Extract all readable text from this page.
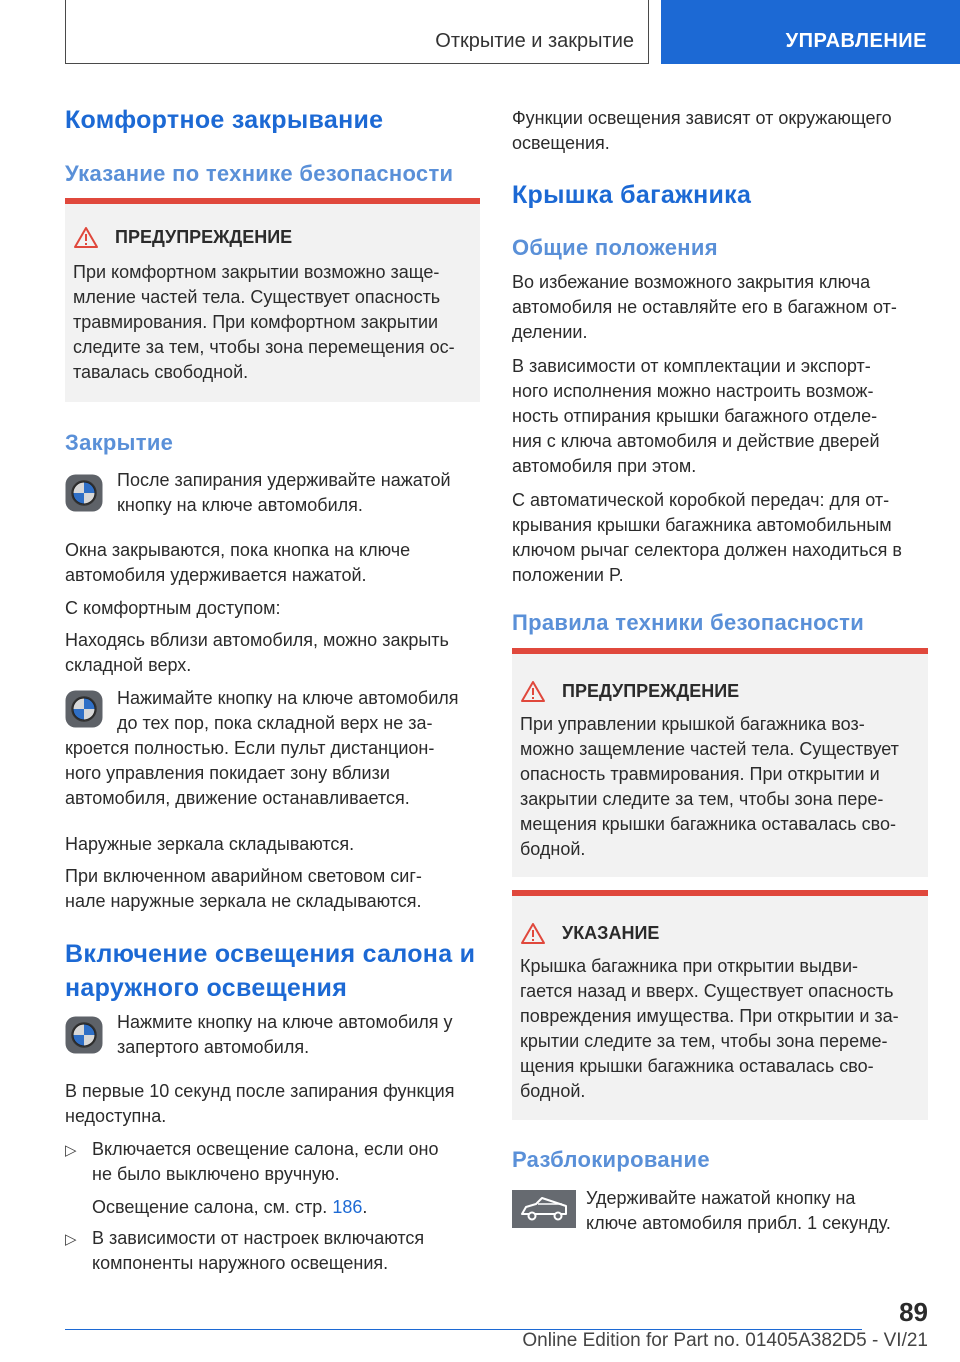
Открытие и закрытие	УПРАВЛЕНИЕ
Комфортное закрывание
Указание по технике безопасности
ПРЕДУПРЕЖДЕНИЕ
При комфортном закрытии возможно заще-
мление частей тела. Существует опасность
травмирования. При комфортном закрытии
следите за тем, чтобы зона перемещения ос-
тавалась свободной.
Закрытие
После запирания удерживайте нажатой
кнопку на ключе автомобиля.
Окна закрываются, пока кнопка на ключе
автомобиля удерживается нажатой.
С комфортным доступом:
Находясь вблизи автомобиля, можно закрыть
складной верх.
Нажимайте кнопку на ключе автомобиля
до тех пор, пока складной верх не за-
кроется полностью. Если пульт дистанцион-
ного управления покидает зону вблизи
автомобиля, движение останавливается.
Наружные зеркала складываются.
При включенном аварийном световом сиг-
нале наружные зеркала не складываются.
Включение освещения салона и
наружного освещения
Нажмите кнопку на ключе автомобиля у
запертого автомобиля.
В первые 10 секунд после запирания функция
недоступна.
▷ Включается освещение салона, если оно
не было выключено вручную.
Освещение салона, см. стр. 186.
▷ В зависимости от настроек включаются
компоненты наружного освещения.
Функции освещения зависят от окружающего
освещения.
Крышка багажника
Общие положения
Во избежание возможного закрытия ключа
автомобиля не оставляйте его в багажном от-
делении.
В зависимости от комплектации и экспорт-
ного исполнения можно настроить возмож-
ность отпирания крышки багажного отделе-
ния с ключа автомобиля и действие дверей
автомобиля при этом.
С автоматической коробкой передач: для от-
крывания крышки багажника автомобильным
ключом рычаг селектора должен находиться в
положении P.
Правила техники безопасности
ПРЕДУПРЕЖДЕНИЕ
При управлении крышкой багажника воз-
можно защемление частей тела. Существует
опасность травмирования. При открытии и
закрытии следите за тем, чтобы зона пере-
мещения крышки багажника оставалась сво-
бодной.
УКАЗАНИЕ
Крышка багажника при открытии выдви-
гается назад и вверх. Существует опасность
повреждения имущества. При открытии и за-
крытии следите за тем, чтобы зона переме-
щения крышки багажника оставалась сво-
бодной.
Разблокирование
Удерживайте нажатой кнопку на
ключе автомобиля прибл. 1 секунду.
89
Online Edition for Part no. 01405A382D5 - VI/21
